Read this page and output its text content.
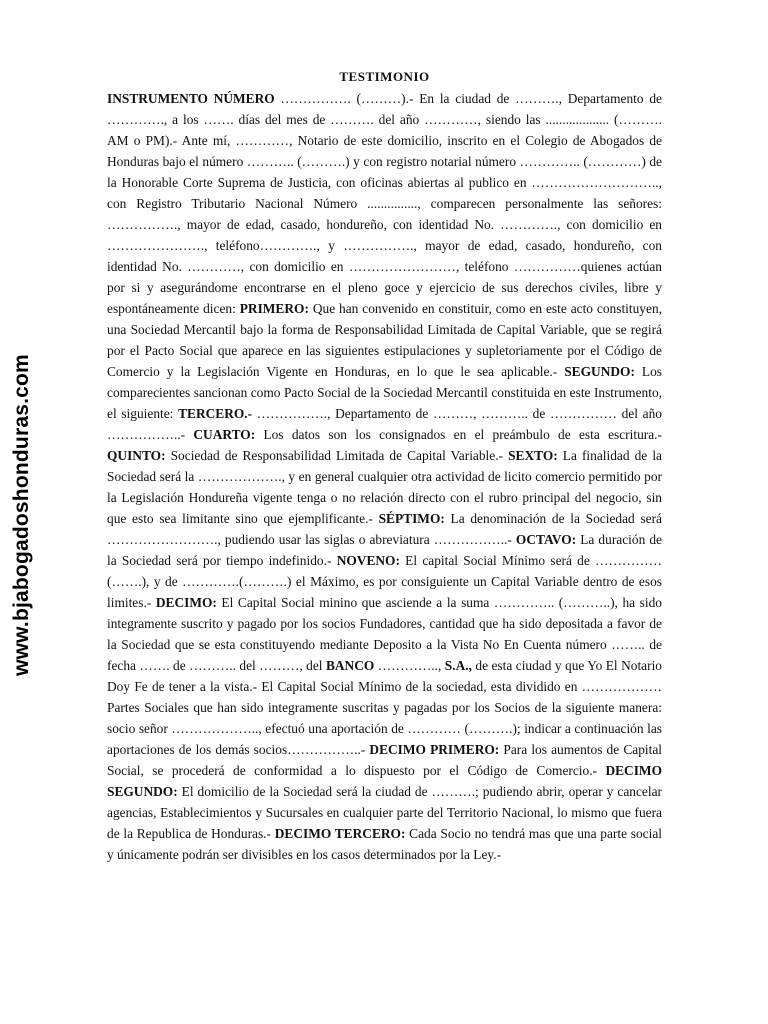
www.bjabogadoshonduras.com
TESTIMONIO
INSTRUMENTO NÚMERO ……………. (………).- En la ciudad de ………., Departamento de …………., a los ……. días del mes de ………. del año …………, siendo las ................... (………. AM o PM).- Ante mí, …………, Notario de este domicilio, inscrito en el Colegio de Abogados de Honduras bajo el número ……….. (……….) y con registro notarial número ………….. (…………) de la Honorable Corte Suprema de Justicia, con oficinas abiertas al publico en ……………………….., con Registro Tributario Nacional Número ..............., comparecen personalmente las señores: ……………., mayor de edad, casado, hondureño, con identidad No. …………., con domicilio en …………………., teléfono…………., y ……………., mayor de edad, casado, hondureño, con identidad No. …………, con domicilio en ……………………, teléfono ……………quienes actúan por si y asegurándome encontrarse en el pleno goce y ejercicio de sus derechos civiles, libre y espontáneamente dicen: PRIMERO: Que han convenido en constituir, como en este acto constituyen, una Sociedad Mercantil bajo la forma de Responsabilidad Limitada de Capital Variable, que se regirá por el Pacto Social que aparece en las siguientes estipulaciones y supletoriamente por el Código de Comercio y la Legislación Vigente en Honduras, en lo que le sea aplicable.- SEGUNDO: Los comparecientes sancionan como Pacto Social de la Sociedad Mercantil constituida en este Instrumento, el siguiente: TERCERO.- ……………., Departamento de ………, ……….. de …………… del año ……………..- CUARTO: Los datos son los consignados en el preámbulo de esta escritura.- QUINTO: Sociedad de Responsabilidad Limitada de Capital Variable.- SEXTO: La finalidad de la Sociedad será la ………………., y en general cualquier otra actividad de licito comercio permitido por la Legislación Hondureña vigente tenga o no relación directo con el rubro principal del negocio, sin que esto sea limitante sino que ejemplificante.- SÉPTIMO: La denominación de la Sociedad será ……………………., pudiendo usar las siglas o abreviatura ……………..- OCTAVO: La duración de la Sociedad será por tiempo indefinido.- NOVENO: El capital Social Mínimo será de …………… (…….), y de ………….(……….) el Máximo, es por consiguiente un Capital Variable dentro de esos limites.- DECIMO: El Capital Social minino que asciende a la suma ………….. (………..), ha sido integramente suscrito y pagado por los socios Fundadores, cantidad que ha sido depositada a favor de la Sociedad que se esta constituyendo mediante Deposito a la Vista No En Cuenta número …….. de fecha ……. de ……….. del ………, del BANCO ………….., S.A., de esta ciudad y que Yo El Notario Doy Fe de tener a la vista.- El Capital Social Mínimo de la sociedad, esta dividido en ……………… Partes Sociales que han sido integramente suscritas y pagadas por los Socios de la siguiente manera: socio señor ……………….., efectuó una aportación de ………… (……….); indicar a continuación las aportaciones de los demás socios……………..- DECIMO PRIMERO: Para los aumentos de Capital Social, se procederá de conformidad a lo dispuesto por el Código de Comercio.- DECIMO SEGUNDO: El domicilio de la Sociedad será la ciudad de ……….; pudiendo abrir, operar y cancelar agencias, Establecimientos y Sucursales en cualquier parte del Territorio Nacional, lo mismo que fuera de la Republica de Honduras.- DECIMO TERCERO: Cada Socio no tendrá mas que una parte social y únicamente podrán ser divisibles en los casos determinados por la Ley.-
